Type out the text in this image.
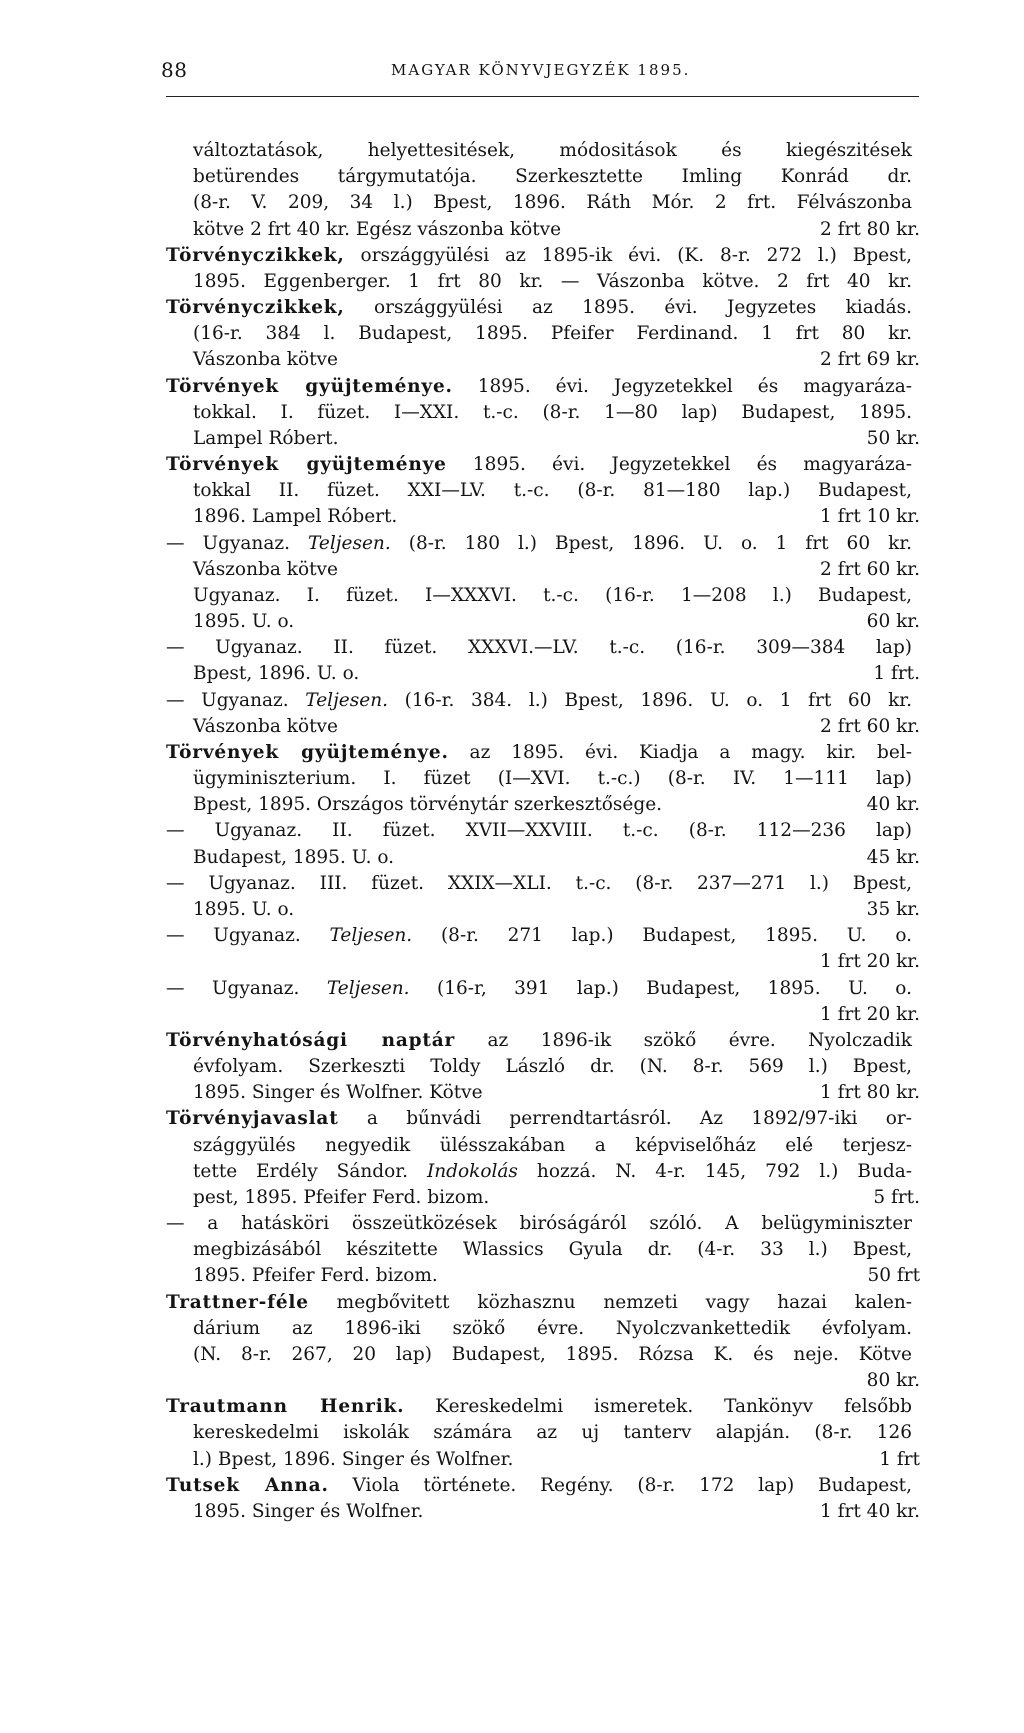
88	MAGYAR KÖNYVJEGYZÉK 1895.
változtatások, helyettesitések, módositások és kiegészitések
betürendes tárgymutatója. Szerkesztette Imling Konrád dr.
(8-r. V. 209, 34 l.) Bpest, 1896. Ráth Mór. 2 frt. Félvászonba
kötve 2 frt 40 kr. Egész vászonba kötve	2 frt 80 kr.
Törvényczikkek, országgyülési az 1895-ik évi. (K. 8-r. 272 l.) Bpest,
1895. Eggenberger. 1 frt 80 kr. — Vászonba kötve. 2 frt 40 kr.
Törvényczikkek, országgyülési az 1895. évi. Jegyzetes kiadás.
(16-r. 384 l. Budapest, 1895. Pfeifer Ferdinand. 1 frt 80 kr.
Vászonba kötve	2 frt 69 kr.
Törvények gyüjteménye. 1895. évi. Jegyzetekkel és magyaráza-
tokkal. I. füzet. I—XXI. t.-c. (8-r. 1—80 lap) Budapest, 1895.
Lampel Róbert.	50 kr.
Törvények gyüjteménye 1895. évi. Jegyzetekkel és magyaráza-
tokkal II. füzet. XXI—LV. t.-c. (8-r. 81—180 lap.) Budapest,
1896. Lampel Róbert.	1 frt 10 kr.
— Ugyanaz. Teljesen. (8-r. 180 l.) Bpest, 1896. U. o. 1 frt 60 kr.
Vászonba kötve	2 frt 60 kr.
Ugyanaz. I. füzet. I—XXXVI. t.-c. (16-r. 1—208 l.) Budapest,
1895. U. o.	60 kr.
— Ugyanaz. II. füzet. XXXVI.—LV. t.-c. (16-r. 309—384 lap)
Bpest, 1896. U. o.	1 frt.
— Ugyanaz. Teljesen. (16-r. 384. l.) Bpest, 1896. U. o. 1 frt 60 kr.
Vászonba kötve	2 frt 60 kr.
Törvények gyüjteménye. az 1895. évi. Kiadja a magy. kir. bel-
ügyminiszterium. I. füzet (I—XVI. t.-c.) (8-r. IV. 1—111 lap)
Bpest, 1895. Országos törvénytár szerkesztősége.	40 kr.
— Ugyanaz. II. füzet. XVII—XXVIII. t.-c. (8-r. 112—236 lap)
Budapest, 1895. U. o.	45 kr.
— Ugyanaz. III. füzet. XXIX—XLI. t.-c. (8-r. 237—271 l.) Bpest,
1895. U. o.	35 kr.
— Ugyanaz. Teljesen. (8-r. 271 lap.) Budapest, 1895. U. o.
1 frt 20 kr.
— Ugyanaz. Teljesen. (16-r, 391 lap.) Budapest, 1895. U. o.
1 frt 20 kr.
Törvényhatósági naptár az 1896-ik szökő évre. Nyolczadik
évfolyam. Szerkeszti Toldy László dr. (N. 8-r. 569 l.) Bpest,
1895. Singer és Wolfner. Kötve	1 frt 80 kr.
Törvényjavaslat a bűnvádi perrendtartásról. Az 1892/97-iki or-
szággyülés negyedik ülésszakában a képviselőház elé terjesz-
tette Erdély Sándor. Indokolás hozzá. N. 4-r. 145, 792 l.) Buda-
pest, 1895. Pfeifer Ferd. bizom.	5 frt.
— a hatásköri összeütközések biróságáról szóló. A belügyminiszter
megbizásából készitette Wlassics Gyula dr. (4-r. 33 l.) Bpest,
1895. Pfeifer Ferd. bizom.	50 frt
Trattner-féle megbővitett közhasznu nemzeti vagy hazai kalen-
dárium az 1896-iki szökő évre. Nyolczvankettedik évfolyam.
(N. 8-r. 267, 20 lap) Budapest, 1895. Rózsa K. és neje. Kötve
80 kr.
Trautmann Henrik. Kereskedelmi ismeretek. Tankönyv felsőbb
kereskedelmi iskolák számára az uj tanterv alapján. (8-r. 126
l.) Bpest, 1896. Singer és Wolfner.	1 frt
Tutsek Anna. Viola története. Regény. (8-r. 172 lap) Budapest,
1895. Singer és Wolfner.	1 frt 40 kr.
